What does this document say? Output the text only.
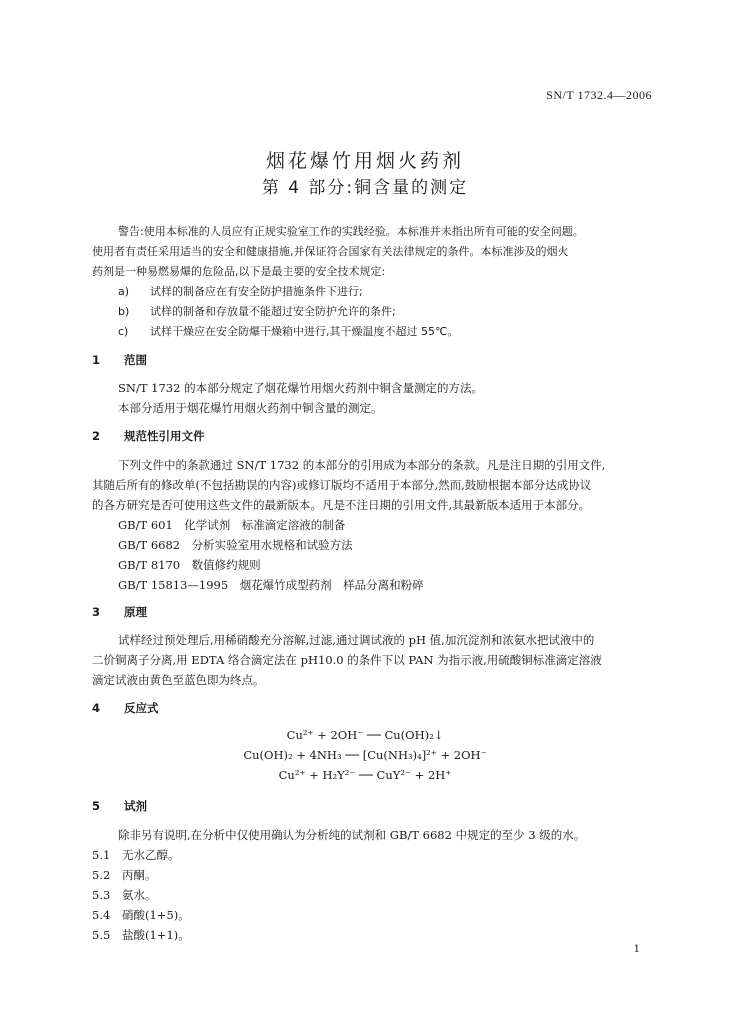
SN/T 1732.4—2006
烟花爆竹用烟火药剂
第 4 部分:铜含量的测定
警告:使用本标准的人员应有正规实验室工作的实践经验。本标准并未指出所有可能的安全问题。
使用者有责任采用适当的安全和健康措施,并保证符合国家有关法律规定的条件。本标准涉及的烟火
药剂是一种易燃易爆的危险品,以下是最主要的安全技术规定:
a) 试样的制备应在有安全防护措施条件下进行;
b) 试样的制备和存放量不能超过安全防护允许的条件;
c) 试样干燥应在安全防爆干燥箱中进行,其干燥温度不超过 55℃。
1 范围
SN/T 1732 的本部分规定了烟花爆竹用烟火药剂中铜含量测定的方法。
本部分适用于烟花爆竹用烟火药剂中铜含量的测定。
2 规范性引用文件
下列文件中的条款通过 SN/T 1732 的本部分的引用成为本部分的条款。凡是注日期的引用文件,
其随后所有的修改单(不包括勘误的内容)或修订版均不适用于本部分,然而,鼓励根据本部分达成协议
的各方研究是否可使用这些文件的最新版本。凡是不注日期的引用文件,其最新版本适用于本部分。
GB/T 601　化学试剂　标准滴定溶液的制备
GB/T 6682　分析实验室用水规格和试验方法
GB/T 8170　数值修约规则
GB/T 15813—1995　烟花爆竹成型药剂　样品分离和粉碎
3 原理
试样经过预处理后,用稀硝酸充分溶解,过滤,通过调试液的 pH 值,加沉淀剂和浓氨水把试液中的
二价铜离子分离,用 EDTA 络合滴定法在 pH10.0 的条件下以 PAN 为指示液,用硫酸铜标准滴定溶液
滴定试液由黄色至蓝色即为终点。
4 反应式
Cu²⁺ + 2OH⁻ ── Cu(OH)₂↓
Cu(OH)₂ + 4NH₃ ── [Cu(NH₃)₄]²⁺ + 2OH⁻
Cu²⁺ + H₂Y²⁻ ── CuY²⁻ + 2H⁺
5 试剂
除非另有说明,在分析中仅使用确认为分析纯的试剂和 GB/T 6682 中规定的至少 3 级的水。
5.1 无水乙醇。
5.2 丙酮。
5.3 氨水。
5.4 硝酸(1+5)。
5.5 盐酸(1+1)。
1
